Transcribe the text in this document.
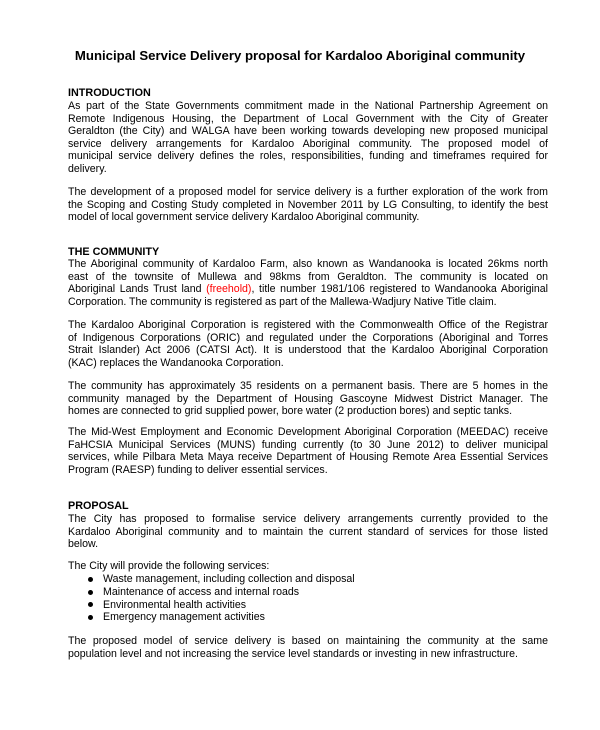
Municipal Service Delivery proposal for Kardaloo Aboriginal community
INTRODUCTION
As part of the State Governments commitment made in the National Partnership Agreement on
Remote Indigenous Housing, the Department of Local Government with the City of Greater
Geraldton (the City) and WALGA have been working towards developing new proposed municipal
service delivery arrangements for Kardaloo Aboriginal community. The proposed model of
municipal service delivery defines the roles, responsibilities, funding and timeframes required for
delivery.
The development of a proposed model for service delivery is a further exploration of the work from
the Scoping and Costing Study completed in November 2011 by LG Consulting, to identify the best
model of local government service delivery Kardaloo Aboriginal community.
THE COMMUNITY
The Aboriginal community of Kardaloo Farm, also known as Wandanooka is located 26kms north
east of the townsite of Mullewa and 98kms from Geraldton. The community is located on
Aboriginal Lands Trust land (freehold), title number 1981/106 registered to Wandanooka Aboriginal
Corporation. The community is registered as part of the Mallewa-Wadjury Native Title claim.
The Kardaloo Aboriginal Corporation is registered with the Commonwealth Office of the Registrar
of Indigenous Corporations (ORIC) and regulated under the Corporations (Aboriginal and Torres
Strait Islander) Act 2006 (CATSI Act). It is understood that the Kardaloo Aboriginal Corporation
(KAC) replaces the Wandanooka Corporation.
The community has approximately 35 residents on a permanent basis. There are 5 homes in the
community managed by the Department of Housing Gascoyne Midwest District Manager. The
homes are connected to grid supplied power, bore water (2 production bores) and septic tanks.
The Mid-West Employment and Economic Development Aboriginal Corporation (MEEDAC) receive
FaHCSIA Municipal Services (MUNS) funding currently (to 30 June 2012) to deliver municipal
services, while Pilbara Meta Maya receive Department of Housing Remote Area Essential Services
Program (RAESP) funding to deliver essential services.
PROPOSAL
The City has proposed to formalise service delivery arrangements currently provided to the
Kardaloo Aboriginal community and to maintain the current standard of services for those listed
below.
The City will provide the following services:
Waste management, including collection and disposal
Maintenance of access and internal roads
Environmental health activities
Emergency management activities
The proposed model of service delivery is based on maintaining the community at the same
population level and not increasing the service level standards or investing in new infrastructure.
